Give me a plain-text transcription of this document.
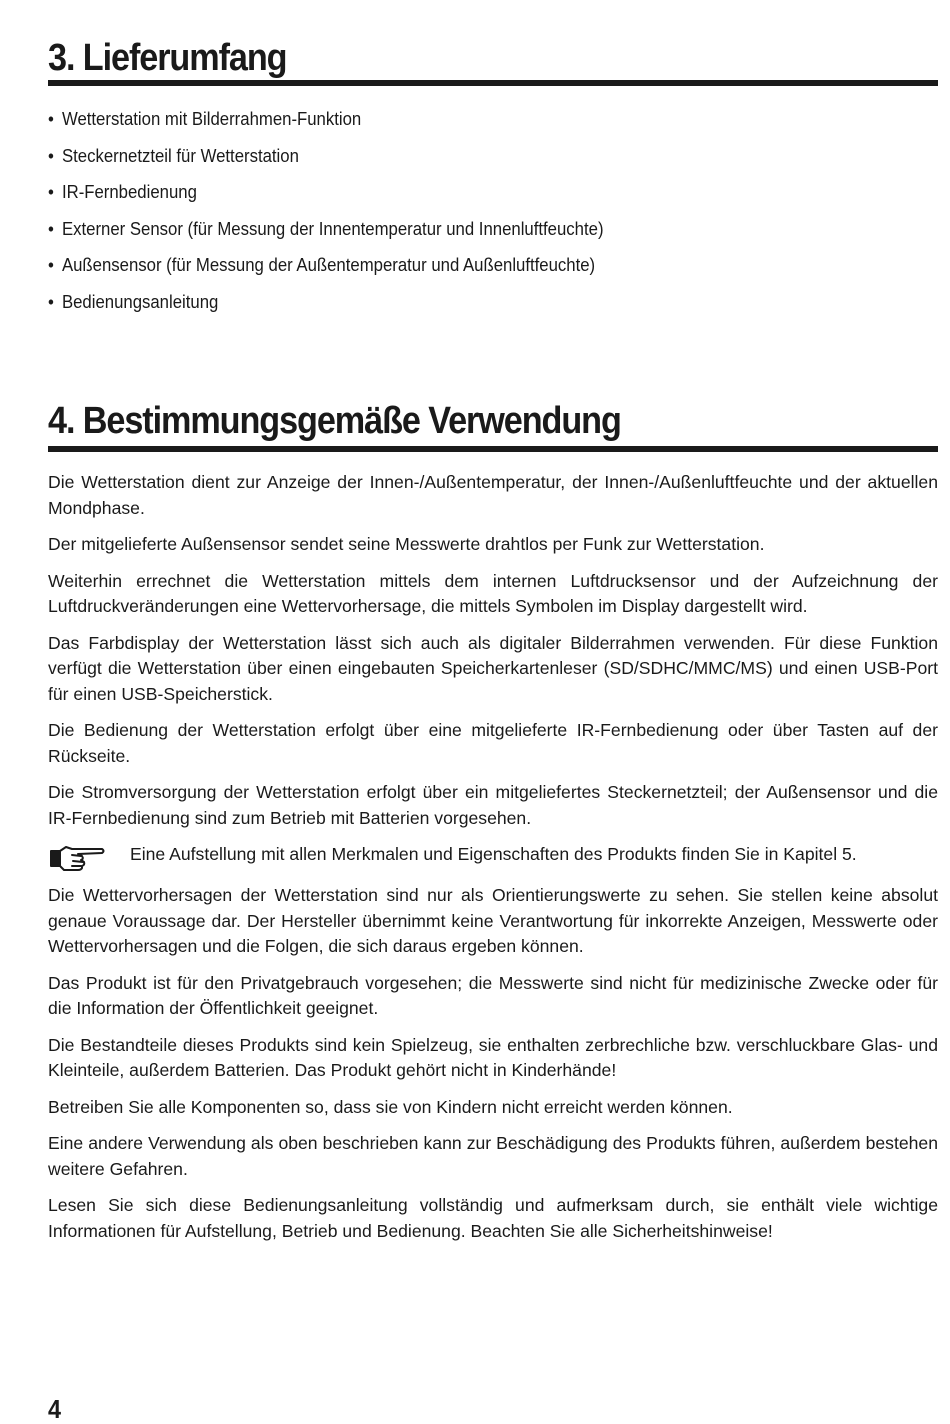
3. Lieferumfang
• Wetterstation mit Bilderrahmen-Funktion
• Steckernetzteil für Wetterstation
• IR-Fernbedienung
• Externer Sensor (für Messung der Innentemperatur und Innenluftfeuchte)
• Außensensor (für Messung der Außentemperatur und Außenluftfeuchte)
• Bedienungsanleitung
4. Bestimmungsgemäße Verwendung

Die Wetterstation dient zur Anzeige der Innen-/Außentemperatur, der Innen-/Außenluftfeuchte und der aktuellen Mondphase.

Der mitgelieferte Außensensor sendet seine Messwerte drahtlos per Funk zur Wetterstation.

Weiterhin errechnet die Wetterstation mittels dem internen Luftdrucksensor und der Aufzeichnung der Luftdruckveränderungen eine Wettervorhersage, die mittels Symbolen im Display dargestellt wird.

Das Farbdisplay der Wetterstation lässt sich auch als digitaler Bilderrahmen verwenden. Für diese Funktion verfügt die Wetterstation über einen eingebauten Speicherkartenleser (SD/SDHC/MMC/MS) und einen USB-Port für einen USB-Speicherstick.

Die Bedienung der Wetterstation erfolgt über eine mitgelieferte IR-Fernbedienung oder über Tasten auf der Rückseite.

Die Stromversorgung der Wetterstation erfolgt über ein mitgeliefertes Steckernetzteil; der Außensensor und die IR-Fernbedienung sind zum Betrieb mit Batterien vorgesehen.

Eine Aufstellung mit allen Merkmalen und Eigenschaften des Produkts finden Sie in Kapitel 5.

Die Wettervorhersagen der Wetterstation sind nur als Orientierungswerte zu sehen. Sie stellen keine absolut genaue Voraussage dar. Der Hersteller übernimmt keine Verantwortung für inkorrekte Anzeigen, Messwerte oder Wettervorhersagen und die Folgen, die sich daraus ergeben können.

Das Produkt ist für den Privatgebrauch vorgesehen; die Messwerte sind nicht für medizinische Zwecke oder für die Information der Öffentlichkeit geeignet.

Die Bestandteile dieses Produkts sind kein Spielzeug, sie enthalten zerbrechliche bzw. verschluckbare Glas- und Kleinteile, außerdem Batterien. Das Produkt gehört nicht in Kinderhände!

Betreiben Sie alle Komponenten so, dass sie von Kindern nicht erreicht werden können.

Eine andere Verwendung als oben beschrieben kann zur Beschädigung des Produkts führen, außerdem bestehen weitere Gefahren.

Lesen Sie sich diese Bedienungsanleitung vollständig und aufmerksam durch, sie enthält viele wichtige Informationen für Aufstellung, Betrieb und Bedienung. Beachten Sie alle Sicherheitshinweise!

4
